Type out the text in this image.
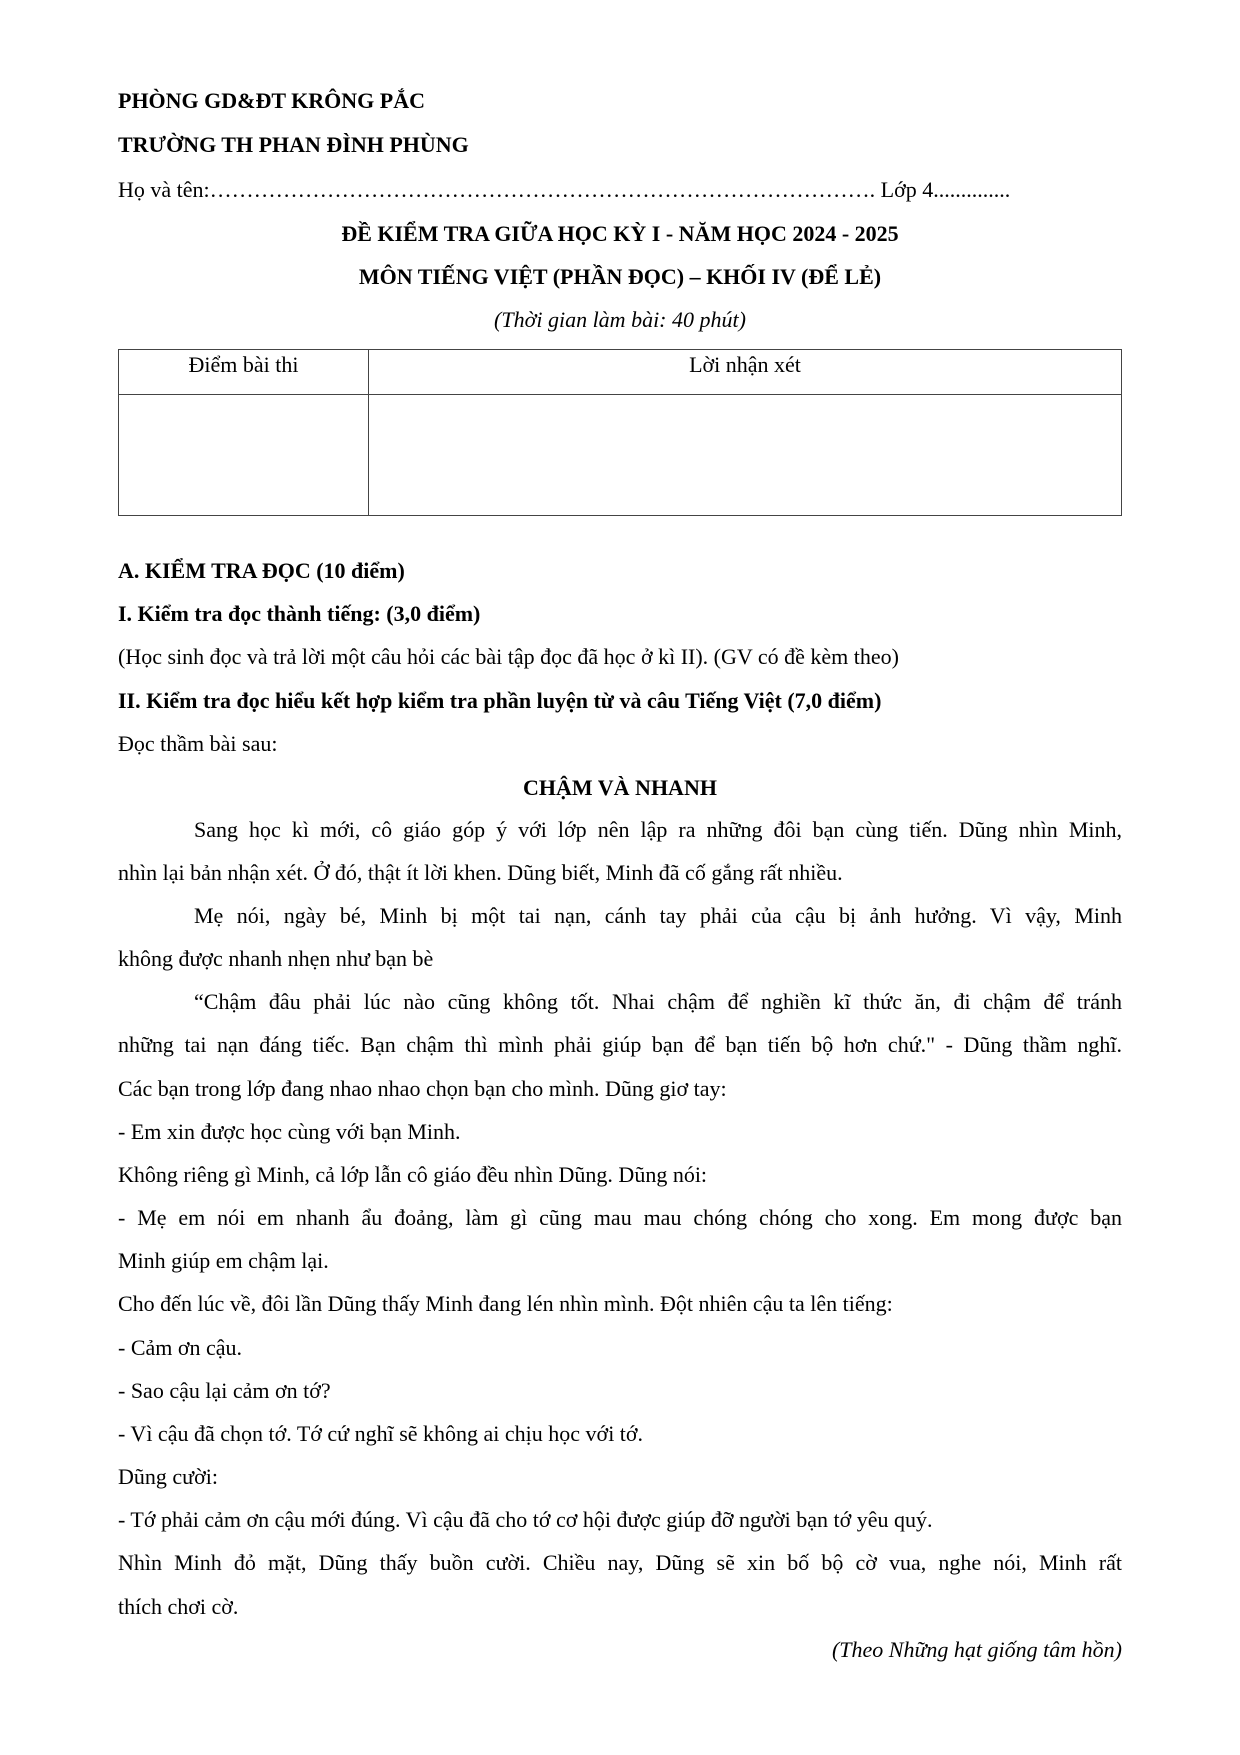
PHÒNG GD&ĐT KRÔNG PẮC
TRƯỜNG TH PHAN ĐÌNH PHÙNG
Họ và tên:………………………………………………………………………………. Lớp 4..............
ĐỀ KIỂM TRA GIỮA HỌC KỲ I - NĂM HỌC 2024 - 2025
MÔN TIẾNG VIỆT (PHẦN ĐỌC) – KHỐI IV (ĐỂ LẺ)
(Thời gian làm bài: 40 phút)
Điểm bài thi	Lời nhận xét

A. KIỂM TRA ĐỌC (10 điểm)
I. Kiểm tra đọc thành tiếng: (3,0 điểm)
(Học sinh đọc và trả lời một câu hỏi các bài tập đọc đã học ở kì II). (GV có đề kèm theo)
II. Kiểm tra đọc hiểu kết hợp kiểm tra phần luyện từ và câu Tiếng Việt (7,0 điểm)
Đọc thầm bài sau:
CHẬM VÀ NHANH
Sang học kì mới, cô giáo góp ý với lớp nên lập ra những đôi bạn cùng tiến. Dũng nhìn Minh,
nhìn lại bản nhận xét. Ở đó, thật ít lời khen. Dũng biết, Minh đã cố gắng rất nhiều.
Mẹ nói, ngày bé, Minh bị một tai nạn, cánh tay phải của cậu bị ảnh hưởng. Vì vậy, Minh
không được nhanh nhẹn như bạn bè
“Chậm đâu phải lúc nào cũng không tốt. Nhai chậm để nghiền kĩ thức ăn, đi chậm để tránh
những tai nạn đáng tiếc. Bạn chậm thì mình phải giúp bạn để bạn tiến bộ hơn chứ." - Dũng thầm nghĩ.
Các bạn trong lớp đang nhao nhao chọn bạn cho mình. Dũng giơ tay:
- Em xin được học cùng với bạn Minh.
Không riêng gì Minh, cả lớp lẫn cô giáo đều nhìn Dũng. Dũng nói:
- Mẹ em nói em nhanh ẩu đoảng, làm gì cũng mau mau chóng chóng cho xong. Em mong được bạn
Minh giúp em chậm lại.
Cho đến lúc về, đôi lần Dũng thấy Minh đang lén nhìn mình. Đột nhiên cậu ta lên tiếng:
- Cảm ơn cậu.
- Sao cậu lại cảm ơn tớ?
- Vì cậu đã chọn tớ. Tớ cứ nghĩ sẽ không ai chịu học với tớ.
Dũng cười:
- Tớ phải cảm ơn cậu mới đúng. Vì cậu đã cho tớ cơ hội được giúp đỡ người bạn tớ yêu quý.
Nhìn Minh đỏ mặt, Dũng thấy buồn cười. Chiều nay, Dũng sẽ xin bố bộ cờ vua, nghe nói, Minh rất
thích chơi cờ.
(Theo Những hạt giống tâm hồn)
